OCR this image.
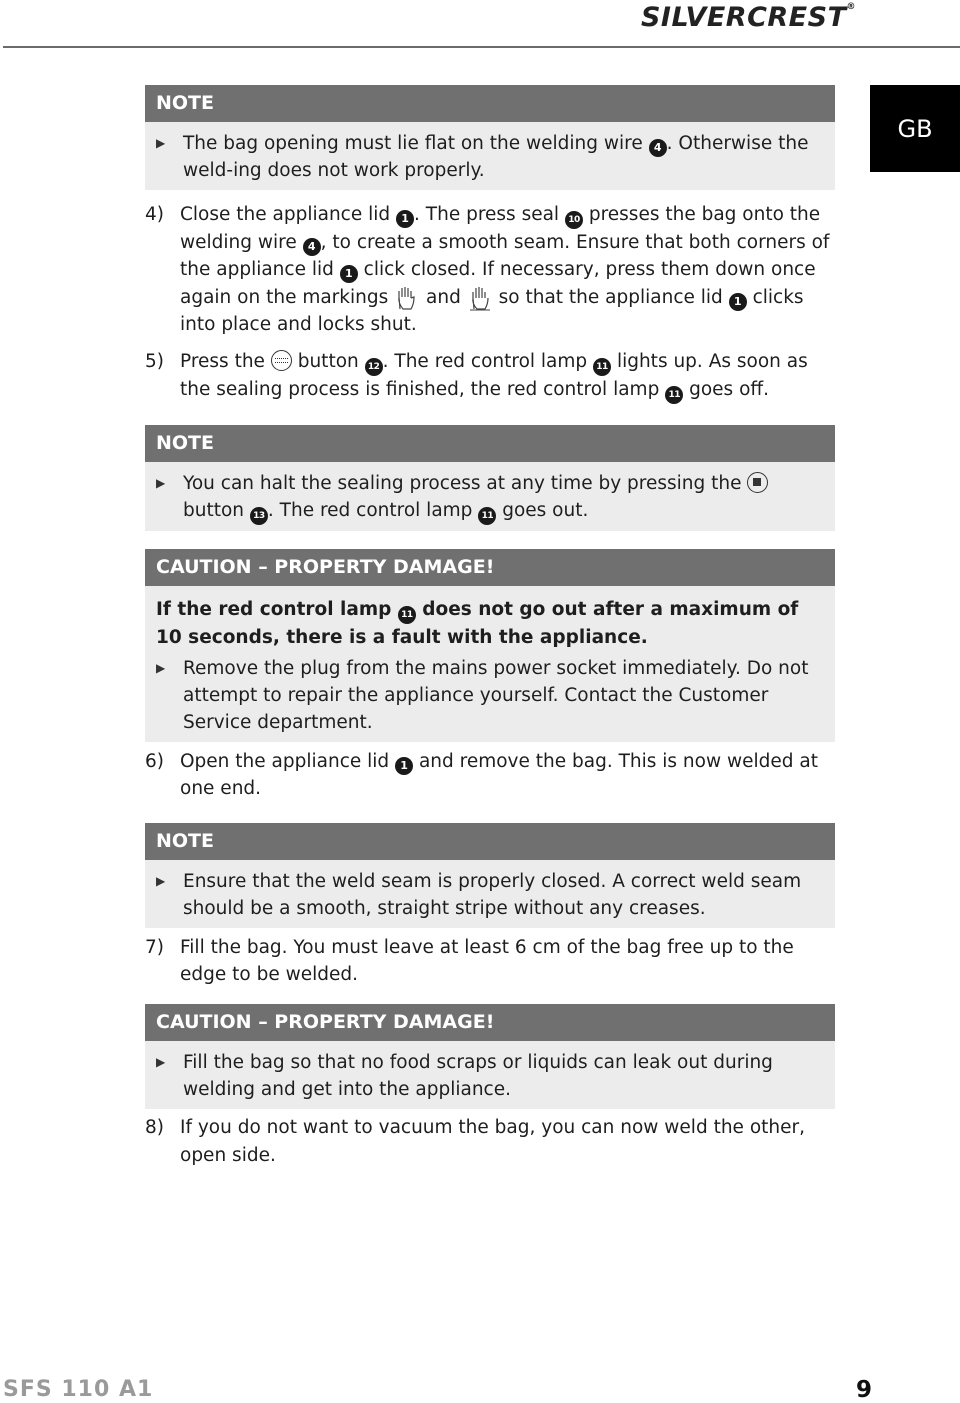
SILVERCREST®
GB
NOTE
▶ The bag opening must lie flat on the welding wire 4 . Otherwise the weld-ing does not work properly.
4) Close the appliance lid 1 . The press seal 10 presses the bag onto the welding wire 4 , to create a smooth seam. Ensure that both corners of the appliance lid 1 click closed. If necessary, press them down once again on the markings and so that the appliance lid 1 clicks into place and locks shut.
5) Press the button 12 . The red control lamp 11 lights up. As soon as the sealing process is finished, the red control lamp 11 goes off.
NOTE
▶ You can halt the sealing process at any time by pressing the  button 13 . The red control lamp 11 goes out.
CAUTION – PROPERTY DAMAGE!
If the red control lamp 11 does not go out after a maximum of 10 seconds, there is a fault with the appliance.
▶ Remove the plug from the mains power socket immediately. Do not attempt to repair the appliance yourself. Contact the Customer Service department.
6) Open the appliance lid 1 and remove the bag. This is now welded at one end.
NOTE
▶ Ensure that the weld seam is properly closed. A correct weld seam should be a smooth, straight stripe without any creases.
7) Fill the bag. You must leave at least 6 cm of the bag free up to the edge to be welded.
CAUTION – PROPERTY DAMAGE!
▶ Fill the bag so that no food scraps or liquids can leak out during welding and get into the appliance.
8) If you do not want to vacuum the bag, you can now weld the other, open side.
SFS 110 A1	9
